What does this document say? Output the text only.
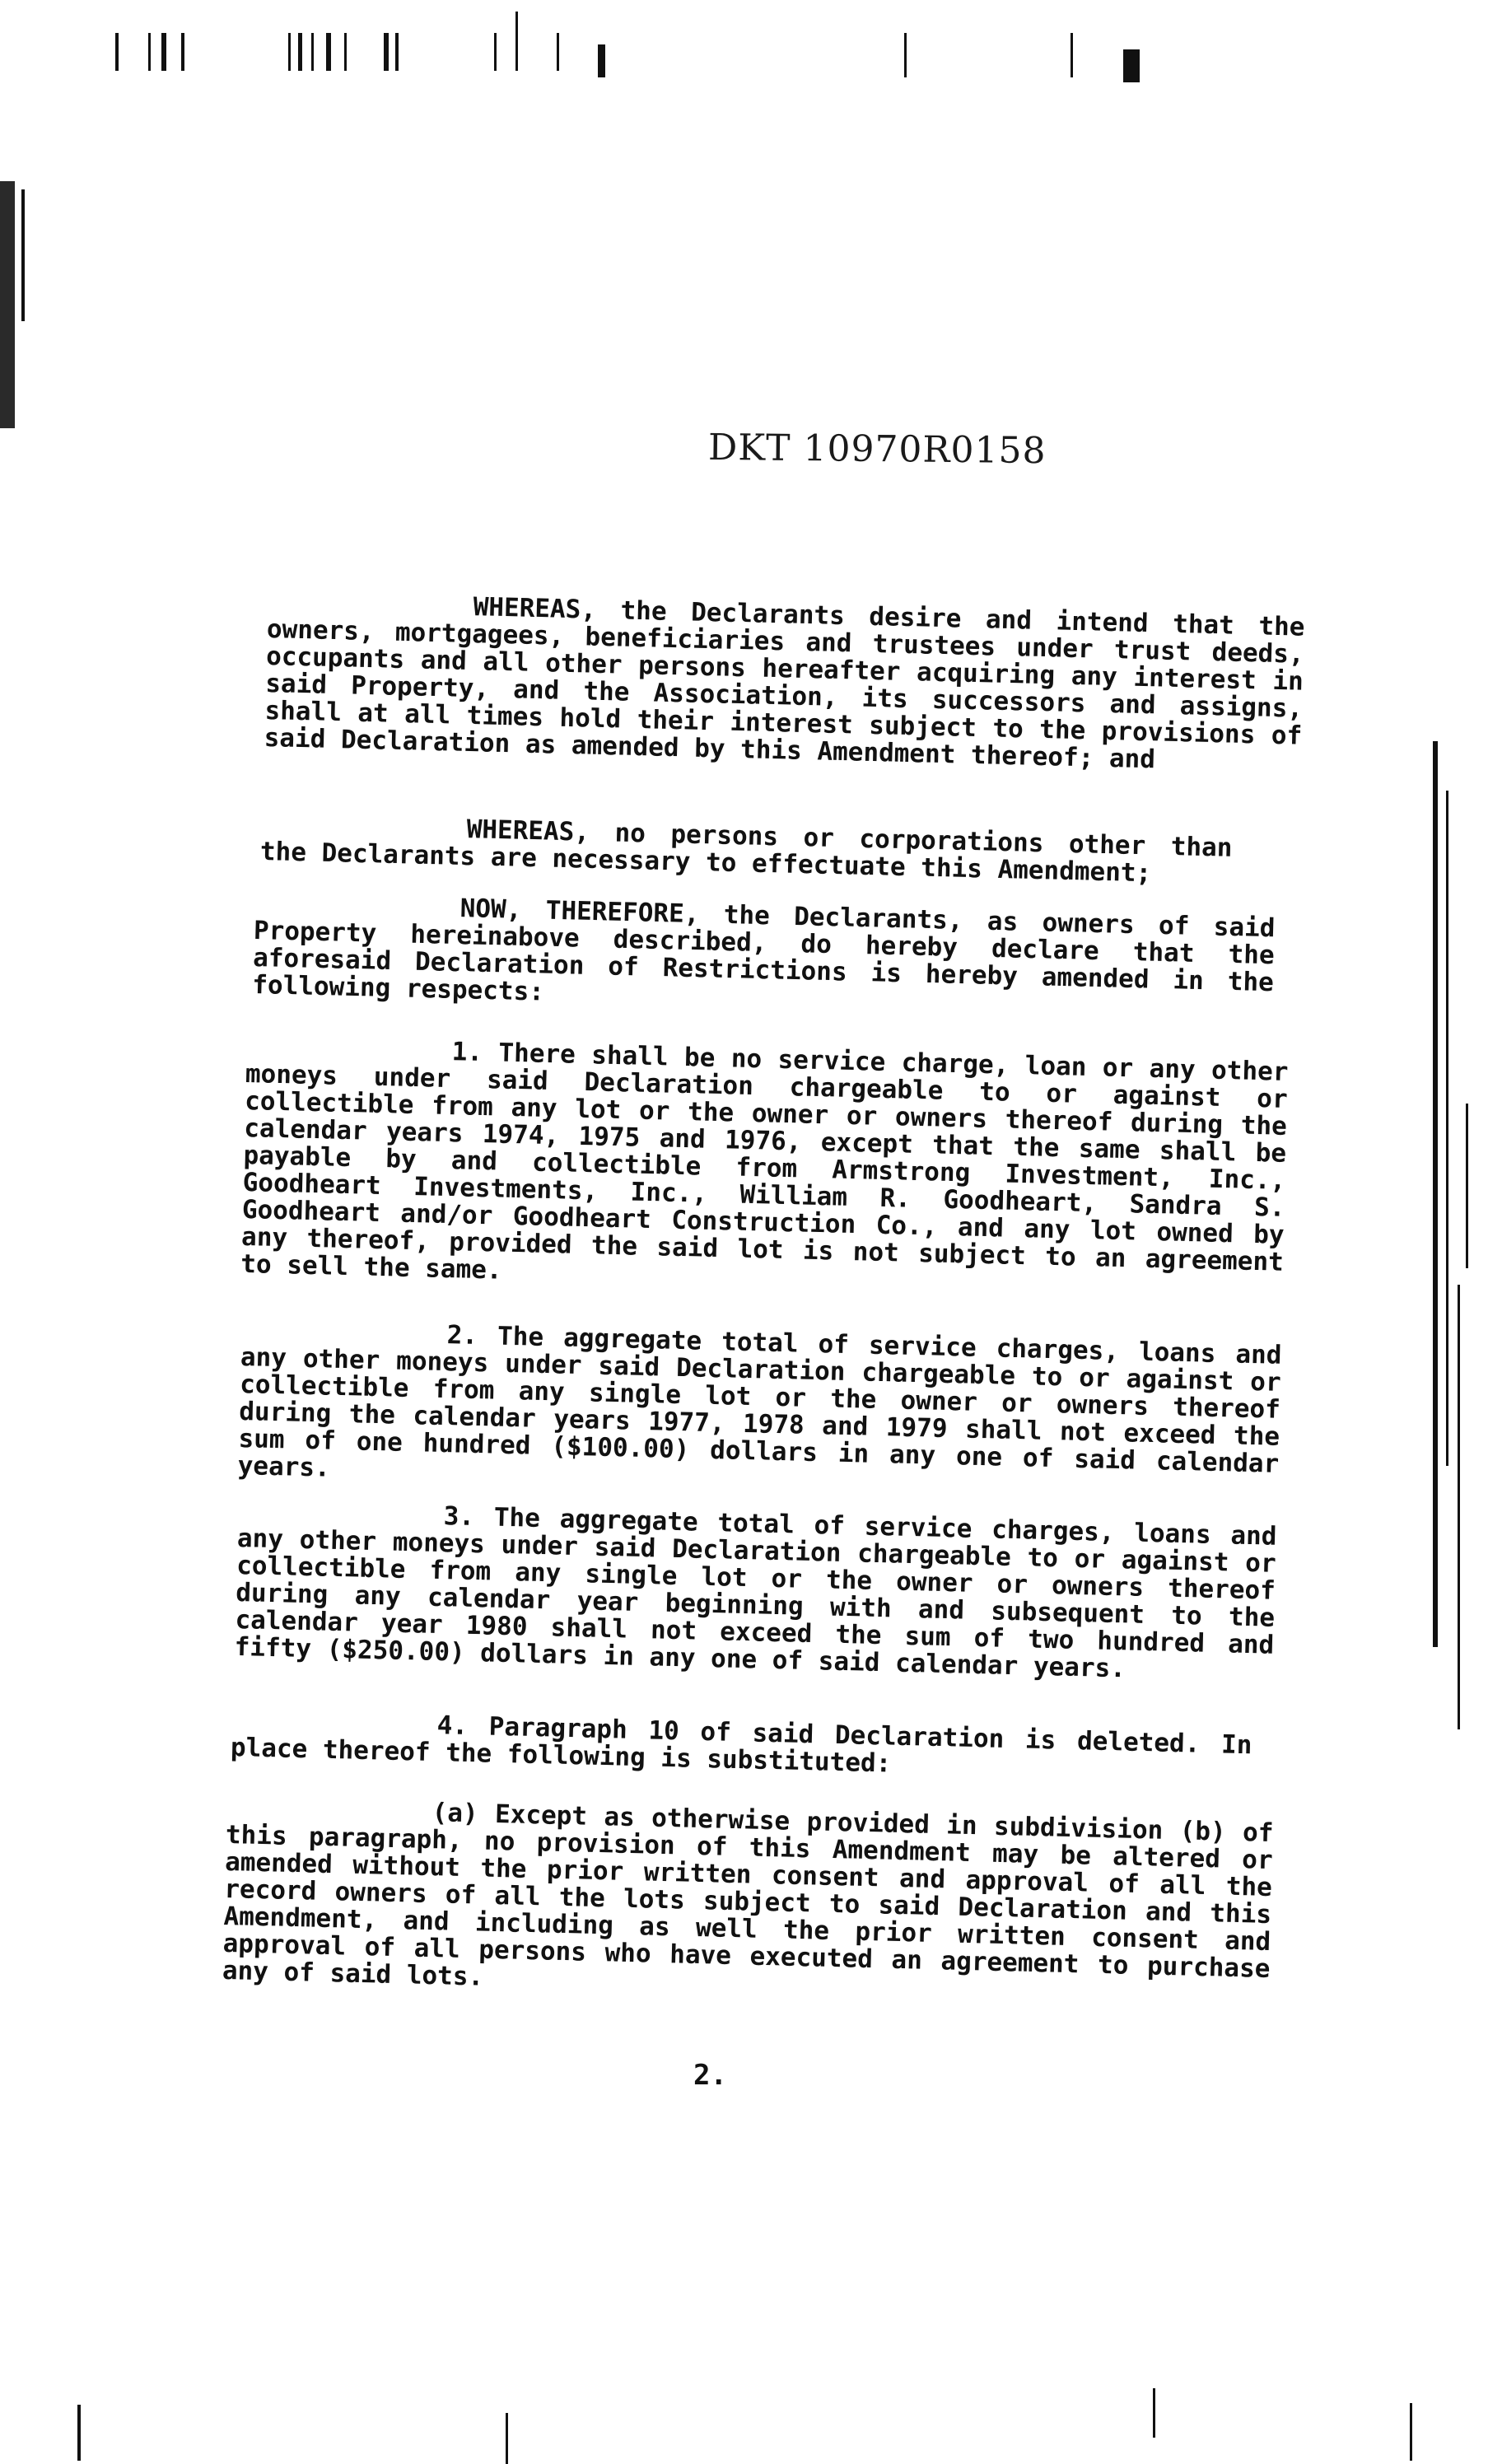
DKT 10970R0158

WHEREAS, the Declarants desire and intend that the owners, mortgagees, beneficiaries and trustees under trust deeds, occupants and all other persons hereafter acquiring any interest in said Property, and the Association, its successors and assigns, shall at all times hold their interest subject to the provisions of said Declaration as amended by this Amendment thereof; and

WHEREAS, no persons or corporations other than the Declarants are necessary to effectuate this Amendment;

NOW, THEREFORE, the Declarants, as owners of said Property hereinabove described, do hereby declare that the aforesaid Declaration of Restrictions is hereby amended in the following respects:

1. There shall be no service charge, loan or any other moneys under said Declaration chargeable to or against or collectible from any lot or the owner or owners thereof during the calendar years 1974, 1975 and 1976, except that the same shall be payable by and collectible from Armstrong Investment, Inc., Goodheart Investments, Inc., William R. Goodheart, Sandra S. Goodheart and/or Goodheart Construction Co., and any lot owned by any thereof, provided the said lot is not subject to an agreement to sell the same.

2. The aggregate total of service charges, loans and any other moneys under said Declaration chargeable to or against or collectible from any single lot or the owner or owners thereof during the calendar years 1977, 1978 and 1979 shall not exceed the sum of one hundred ($100.00) dollars in any one of said calendar years.

3. The aggregate total of service charges, loans and any other moneys under said Declaration chargeable to or against or collectible from any single lot or the owner or owners thereof during any calendar year beginning with and subsequent to the calendar year 1980 shall not exceed the sum of two hundred and fifty ($250.00) dollars in any one of said calendar years.

4. Paragraph 10 of said Declaration is deleted. In place thereof the following is substituted:

(a) Except as otherwise provided in subdivision (b) of this paragraph, no provision of this Amendment may be altered or amended without the prior written consent and approval of all the record owners of all the lots subject to said Declaration and this Amendment, and including as well the prior written consent and approval of all persons who have executed an agreement to purchase any of said lots.

2.
